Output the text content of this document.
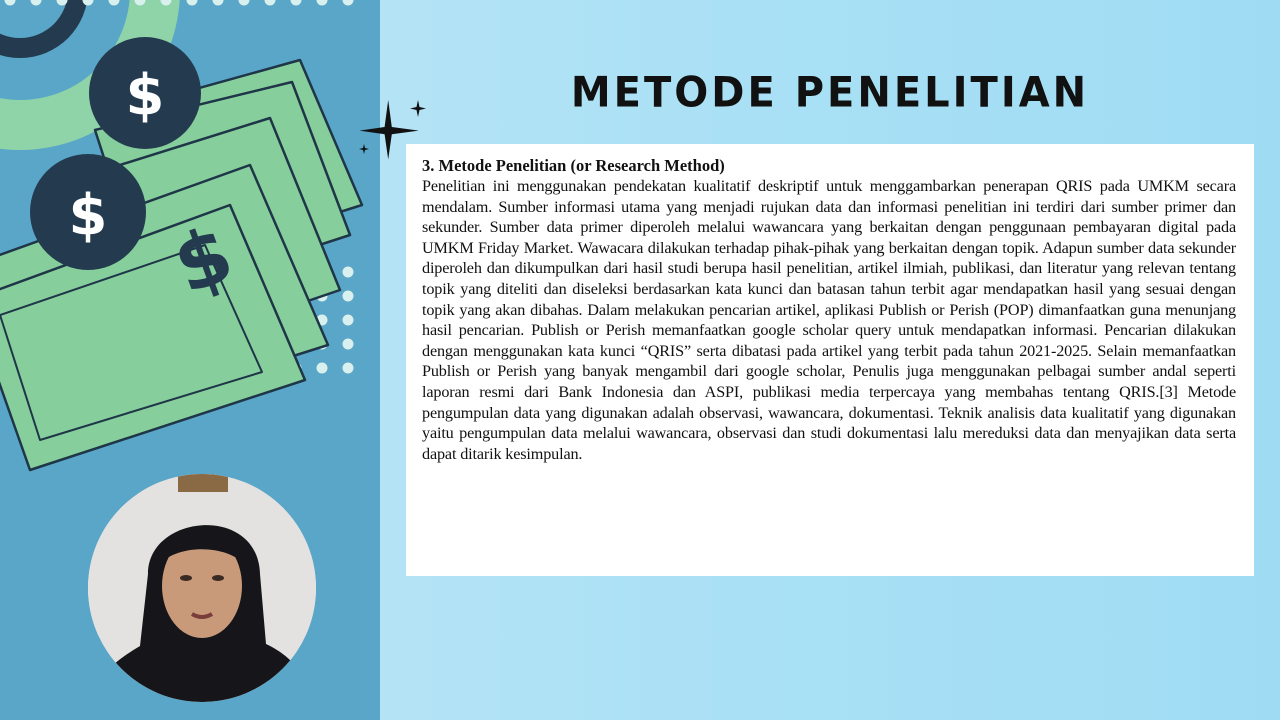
$
$
$
METODE PENELITIAN

3. Metode Penelitian (or Research Method)

Penelitian ini menggunakan pendekatan kualitatif deskriptif untuk menggambarkan penerapan QRIS pada UMKM secara mendalam. Sumber informasi utama yang menjadi rujukan data dan informasi penelitian ini terdiri dari sumber primer dan sekunder. Sumber data primer diperoleh melalui wawancara yang berkaitan dengan penggunaan pembayaran digital pada UMKM Friday Market. Wawacara dilakukan terhadap pihak-pihak yang berkaitan dengan topik. Adapun sumber data sekunder diperoleh dan dikumpulkan dari hasil studi berupa hasil penelitian, artikel ilmiah, publikasi, dan literatur yang relevan tentang topik yang diteliti dan diseleksi berdasarkan kata kunci dan batasan tahun terbit agar mendapatkan hasil yang sesuai dengan topik yang akan dibahas. Dalam melakukan pencarian artikel, aplikasi Publish or Perish (POP) dimanfaatkan guna menunjang hasil pencarian. Publish or Perish memanfaatkan google scholar query untuk mendapatkan informasi. Pencarian dilakukan dengan menggunakan kata kunci “QRIS” serta dibatasi pada artikel yang terbit pada tahun 2021-2025. Selain memanfaatkan Publish or Perish yang banyak mengambil dari google scholar, Penulis juga menggunakan pelbagai sumber andal seperti laporan resmi dari Bank Indonesia dan ASPI, publikasi media terpercaya yang membahas tentang QRIS.[3] Metode pengumpulan data yang digunakan adalah observasi, wawancara, dokumentasi. Teknik analisis data kualitatif yang digunakan yaitu pengumpulan data melalui wawancara, observasi dan studi dokumentasi lalu mereduksi data dan menyajikan data serta dapat ditarik kesimpulan.
